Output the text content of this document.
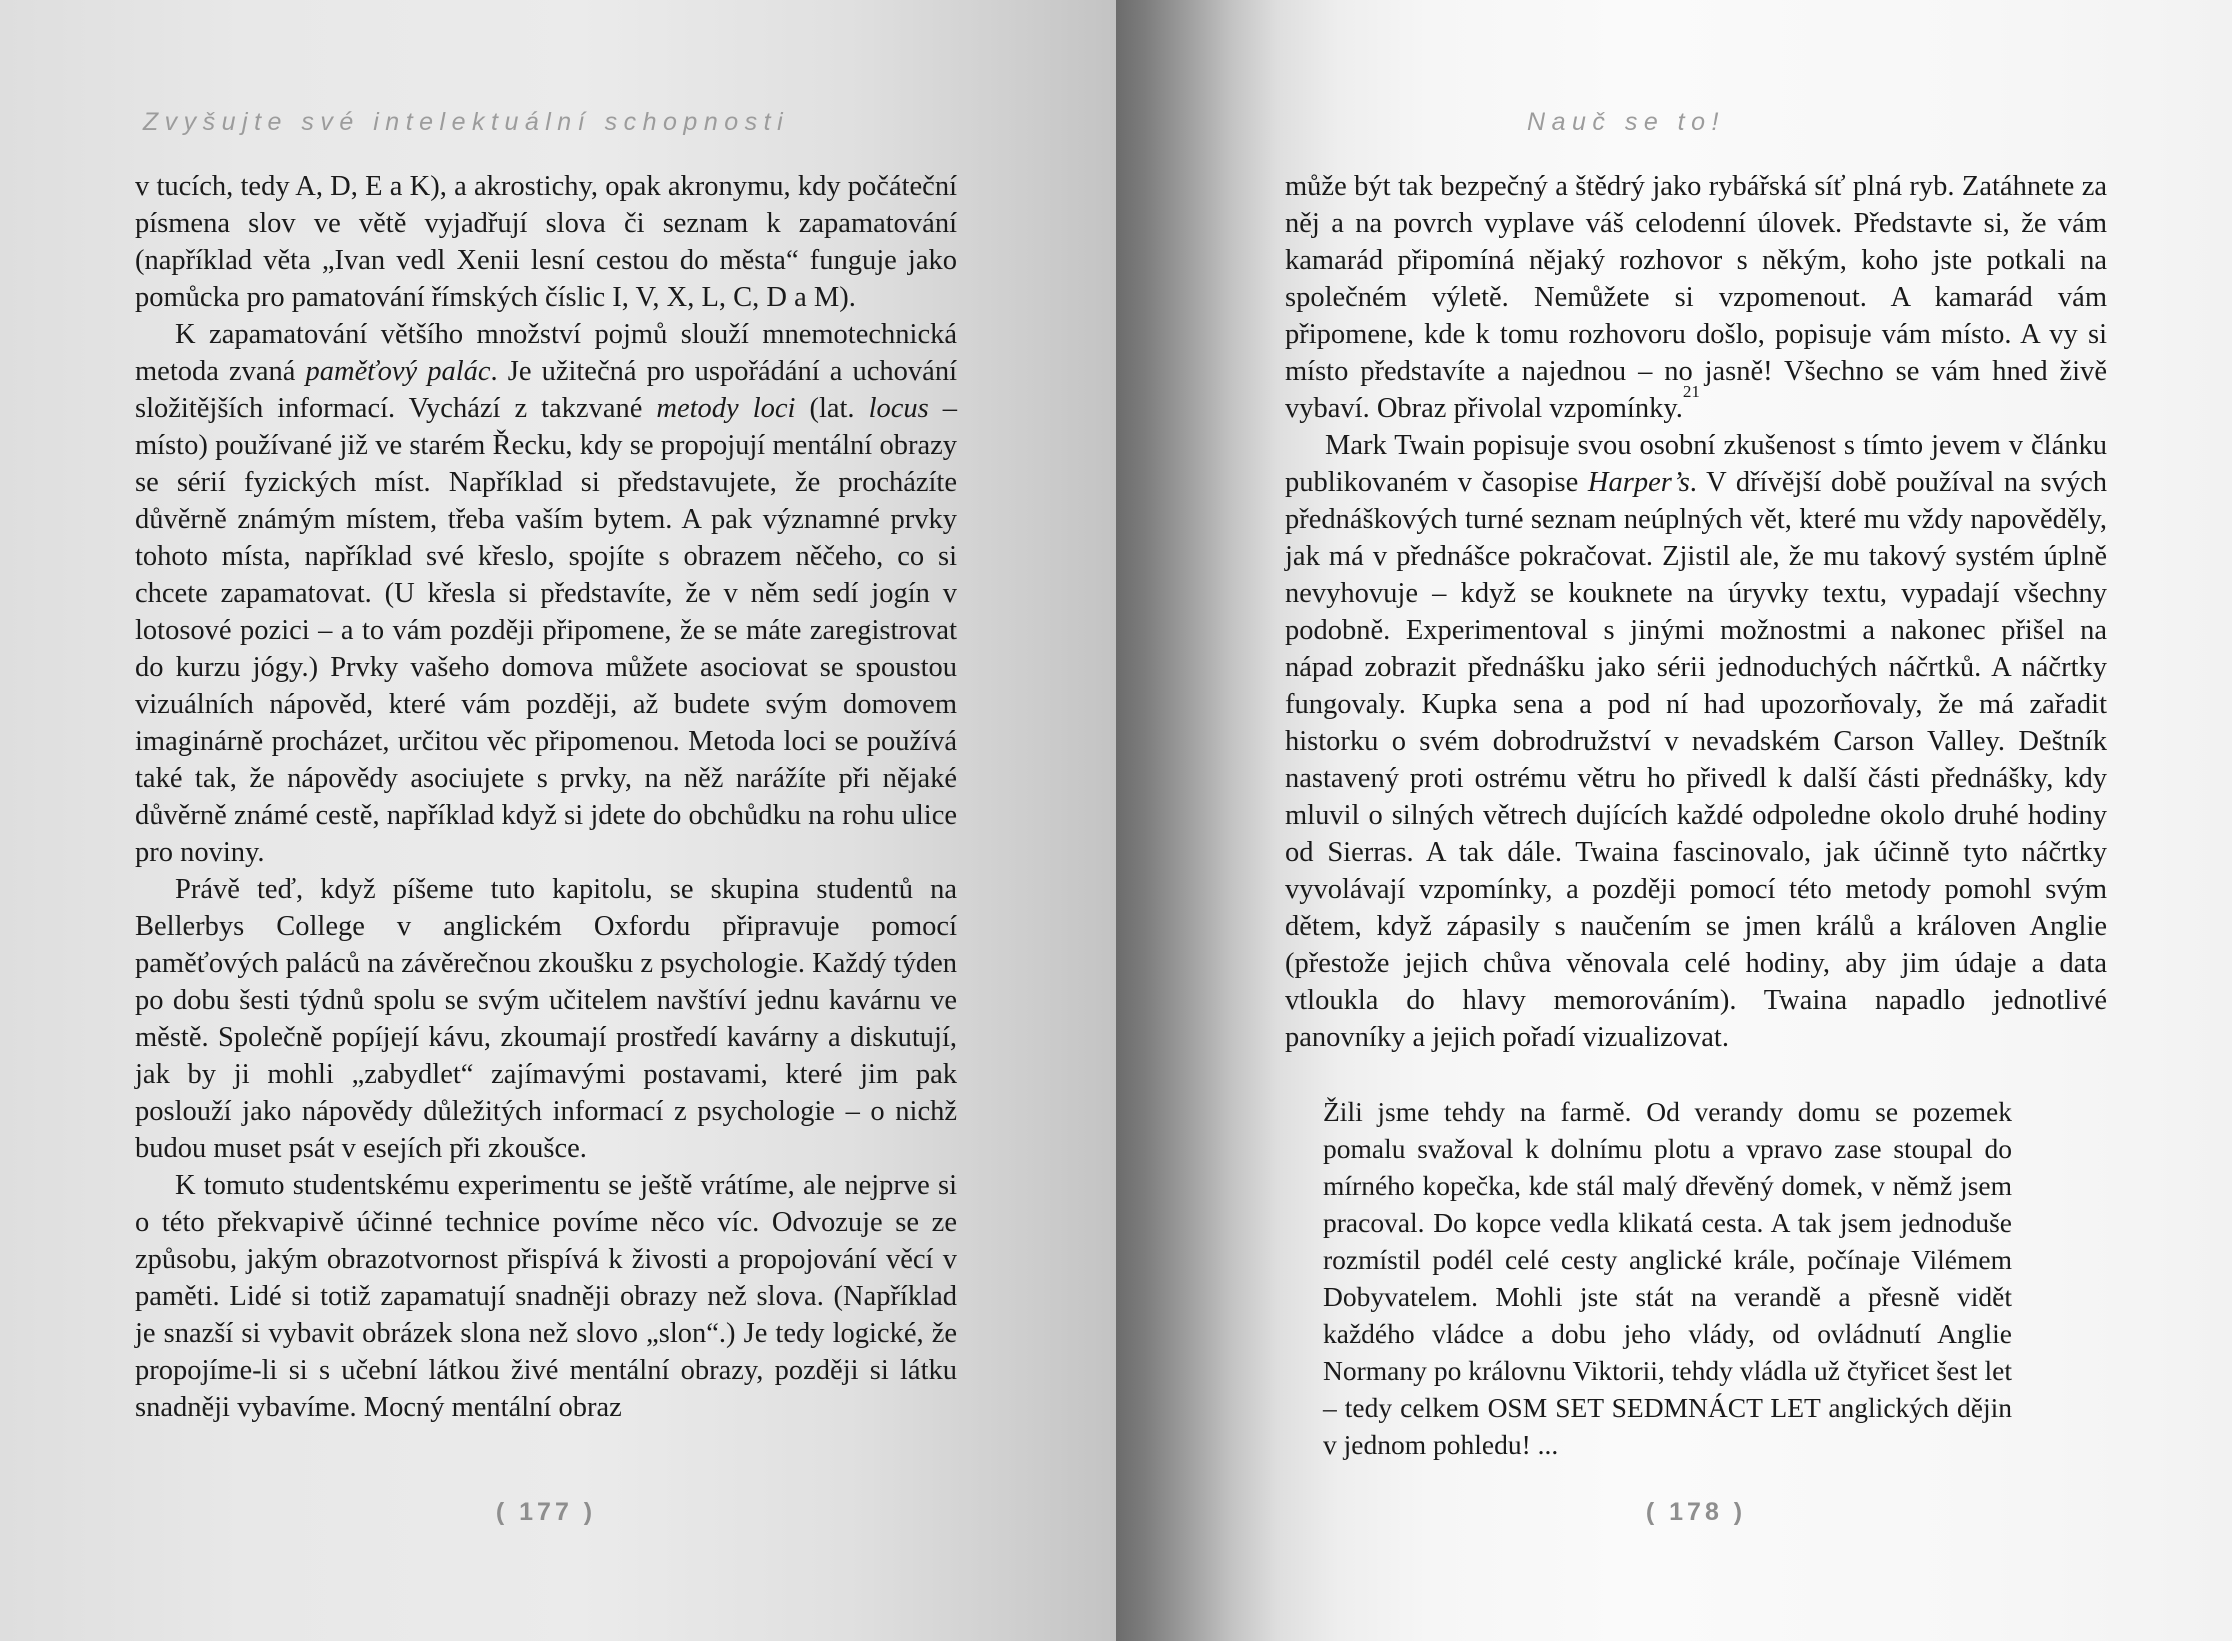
Zvyšujte své intelektuální schopnosti

v tucích, tedy A, D, E a K), a akrostichy, opak akronymu, kdy počáteční písmena slov ve větě vyjadřují slova či seznam k zapamatování (například věta „Ivan vedl Xenii lesní cestou do města“ funguje jako pomůcka pro pamatování římských číslic I, V, X, L, C, D a M).

K zapamatování většího množství pojmů slouží mnemotechnická metoda zvaná paměťový palác. Je užitečná pro uspořádání a uchování složitějších informací. Vychází z takzvané metody loci (lat. locus – místo) používané již ve starém Řecku, kdy se propojují mentální obrazy se sérií fyzických míst. Například si představujete, že procházíte důvěrně známým místem, třeba vaším bytem. A pak významné prvky tohoto místa, například své křeslo, spojíte s obrazem něčeho, co si chcete zapamatovat. (U křesla si představíte, že v něm sedí jogín v lotosové pozici – a to vám později připomene, že se máte zaregistrovat do kurzu jógy.) Prvky vašeho domova můžete asociovat se spoustou vizuálních nápověd, které vám později, až budete svým domovem imaginárně procházet, určitou věc připomenou. Metoda loci se používá také tak, že nápovědy asociujete s prvky, na něž narážíte při nějaké důvěrně známé cestě, například když si jdete do obchůdku na rohu ulice pro noviny.

Právě teď, když píšeme tuto kapitolu, se skupina studentů na Bellerbys College v anglickém Oxfordu připravuje pomocí paměťových paláců na závěrečnou zkoušku z psychologie. Každý týden po dobu šesti týdnů spolu se svým učitelem navštíví jednu kavárnu ve městě. Společně popíjejí kávu, zkoumají prostředí kavárny a diskutují, jak by ji mohli „zabydlet“ zajímavými postavami, které jim pak poslouží jako nápovědy důležitých informací z psychologie – o nichž budou muset psát v esejích při zkoušce.

K tomuto studentskému experimentu se ještě vrátíme, ale nejprve si o této překvapivě účinné technice povíme něco víc. Odvozuje se ze způsobu, jakým obrazotvornost přispívá k živosti a propojování věcí v paměti. Lidé si totiž zapamatují snadněji obrazy než slova. (Například je snazší si vybavit obrázek slona než slovo „slon“.) Je tedy logické, že propojíme-li si s učební látkou živé mentální obrazy, později si látku snadněji vybavíme. Mocný mentální obraz

( 177 )
Nauč se to!

může být tak bezpečný a štědrý jako rybářská síť plná ryb. Zatáhnete za něj a na povrch vyplave váš celodenní úlovek. Představte si, že vám kamarád připomíná nějaký rozhovor s někým, koho jste potkali na společném výletě. Nemůžete si vzpomenout. A kamarád vám připomene, kde k tomu rozhovoru došlo, popisuje vám místo. A vy si místo představíte a najednou – no jasně! Všechno se vám hned živě vybaví. Obraz přivolal vzpomínky.$^{21}$

Mark Twain popisuje svou osobní zkušenost s tímto jevem v článku publikovaném v časopise Harper’s. V dřívější době používal na svých přednáškových turné seznam neúplných vět, které mu vždy napověděly, jak má v přednášce pokračovat. Zjistil ale, že mu takový systém úplně nevyhovuje – když se kouknete na úryvky textu, vypadají všechny podobně. Experimentoval s jinými možnostmi a nakonec přišel na nápad zobrazit přednášku jako sérii jednoduchých náčrtků. A náčrtky fungovaly. Kupka sena a pod ní had upozorňovaly, že má zařadit historku o svém dobrodružství v nevadském Carson Valley. Deštník nastavený proti ostrému větru ho přivedl k další části přednášky, kdy mluvil o silných větrech dujících každé odpoledne okolo druhé hodiny od Sierras. A tak dále. Twaina fascinovalo, jak účinně tyto náčrtky vyvolávají vzpomínky, a později pomocí této metody pomohl svým dětem, když zápasily s naučením se jmen králů a královen Anglie (přestože jejich chůva věnovala celé hodiny, aby jim údaje a data vtloukla do hlavy memorováním). Twaina napadlo jednotlivé panovníky a jejich pořadí vizualizovat.

Žili jsme tehdy na farmě. Od verandy domu se pozemek pomalu svažoval k dolnímu plotu a vpravo zase stoupal do mírného kopečka, kde stál malý dřevěný domek, v němž jsem pracoval. Do kopce vedla klikatá cesta. A tak jsem jednoduše rozmístil podél celé cesty anglické krále, počínaje Vilémem Dobyvatelem. Mohli jste stát na verandě a přesně vidět každého vládce a dobu jeho vlády, od ovládnutí Anglie Normany po královnu Viktorii, tehdy vládla už čtyřicet šest let – tedy celkem OSM SET SEDMNÁCT LET anglických dějin v jednom pohledu! ...

( 178 )
